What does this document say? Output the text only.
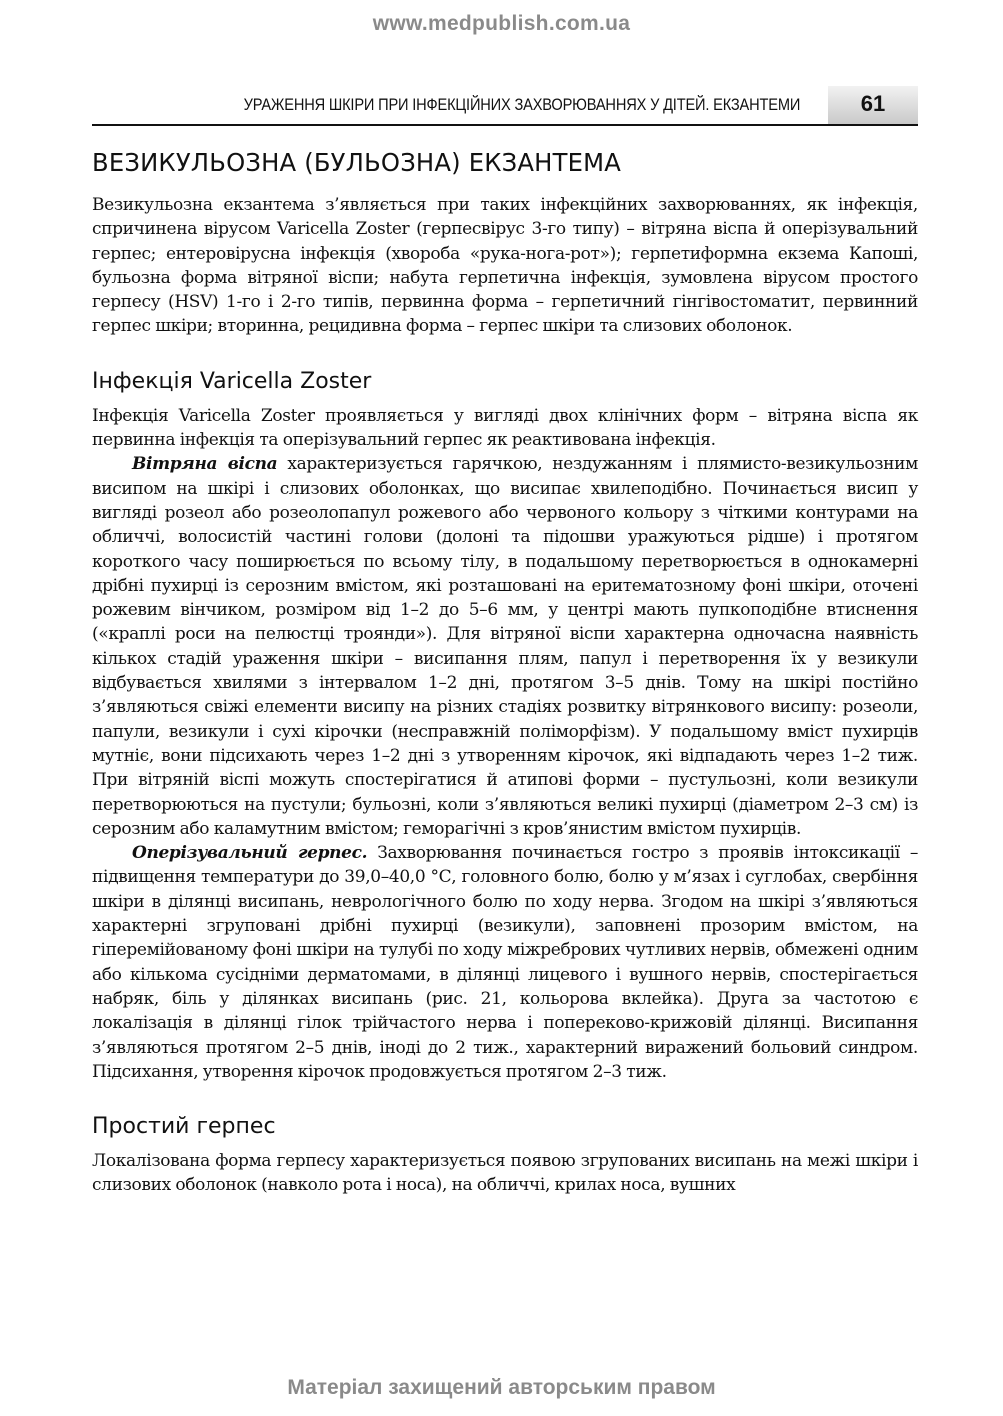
www.medpublish.com.ua
УРАЖЕННЯ ШКІРИ ПРИ ІНФЕКЦІЙНИХ ЗАХВОРЮВАННЯХ У ДІТЕЙ. ЕКЗАНТЕМИ	61
ВЕЗИКУЛЬОЗНА (БУЛЬОЗНА) ЕКЗАНТЕМА

Везикульозна екзантема з’являється при таких інфекційних захворюваннях, як інфекція, спричинена вірусом Varicella Zoster (герпесвірус 3-го типу) – вітряна віспа й оперізувальний герпес; ентеровірусна інфекція (хвороба «рука-нога-рот»); герпетиформна екзема Капоші, бульозна форма вітряної віспи; набута герпетична інфекція, зумовлена вірусом простого герпесу (HSV) 1-го і 2-го типів, первинна форма – герпетичний гінгівостоматит, первинний герпес шкіри; вторинна, рецидивна форма – герпес шкіри та слизових оболонок.

Інфекція Varicella Zoster

Інфекція Varicella Zoster проявляється у вигляді двох клінічних форм – вітряна віспа як первинна інфекція та оперізувальний герпес як реактивована інфекція.

Вітряна віспа характеризується гарячкою, нездужанням і плямисто-везикульозним висипом на шкірі і слизових оболонках, що висипає хвилеподібно. Починається висип у вигляді розеол або розеолопапул рожевого або червоного кольору з чіткими контурами на обличчі, волосистій частині голови (долоні та підошви уражуються рідше) і протягом короткого часу поширюється по всьому тілу, в подальшому перетворюється в однокамерні дрібні пухирці із серозним вмістом, які розташовані на еритематозному фоні шкіри, оточені рожевим вінчиком, розміром від 1–2 до 5–6 мм, у центрі мають пупкоподібне втиснення («краплі роси на пелюстці троянди»). Для вітряної віспи характерна одночасна наявність кількох стадій ураження шкіри – висипання плям, папул і перетворення їх у везикули відбувається хвилями з інтервалом 1–2 дні, протягом 3–5 днів. Тому на шкірі постійно з’являються свіжі елементи висипу на різних стадіях розвитку вітрянкового висипу: розеоли, папули, везикули і сухі кірочки (несправжній поліморфізм). У подальшому вміст пухирців мутніє, вони підсихають через 1–2 дні з утворенням кірочок, які відпадають через 1–2 тиж. При вітряній віспі можуть спостерігатися й атипові форми – пустульозні, коли везикули перетворюються на пустули; бульозні, коли з’являються великі пухирці (діаметром 2–3 см) із серозним або каламутним вмістом; геморагічні з кров’янистим вмістом пухирців.

Оперізувальний герпес. Захворювання починається гостро з проявів інтоксикації – підвищення температури до 39,0–40,0 °С, головного болю, болю у м’язах і суглобах, свербіння шкіри в ділянці висипань, неврологічного болю по ходу нерва. Згодом на шкірі з’являються характерні згруповані дрібні пухирці (везикули), заповнені прозорим вмістом, на гіперемійованому фоні шкіри на тулубі по ходу міжребрових чутливих нервів, обмежені одним або кількома сусідніми дерматомами, в ділянці лицевого і вушного нервів, спостерігається набряк, біль у ділянках висипань (рис. 21, кольорова вклейка). Друга за частотою є локалізація в ділянці гілок трійчастого нерва і попереково-крижовій ділянці. Висипання з’являються протягом 2–5 днів, іноді до 2 тиж., характерний виражений больовий синдром. Підсихання, утворення кірочок продовжується протягом 2–3 тиж.

Простий герпес

Локалізована форма герпесу характеризується появою згрупованих висипань на межі шкіри і слизових оболонок (навколо рота і носа), на обличчі, крилах носа, вушних

Матеріал захищений авторським правом
